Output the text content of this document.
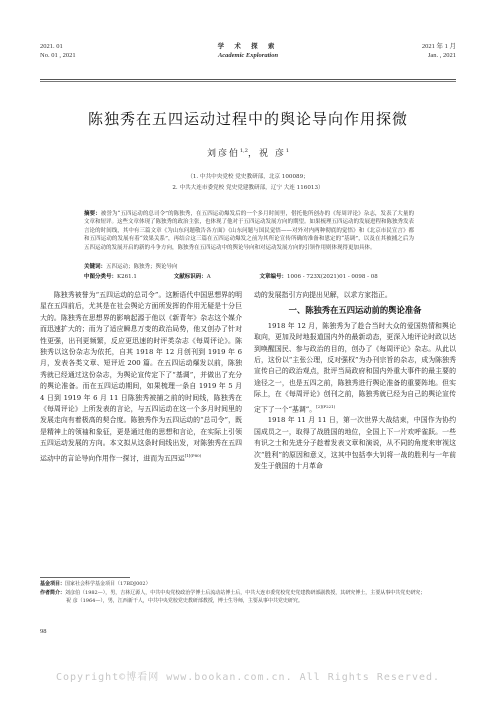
2021. 01
No. 01 , 2021
学 术 探 索
Academic Exploration
2021 年 1 月
Jan. , 2021
陈独秀在五四运动过程中的舆论导向作用探微
刘彦伯$^{1,2}$，祝 彦$^1$
（1. 中共中央党校 党史教研部，北京 100089；
2. 中共大连市委党校 党史党建教研部，辽宁 大连 116013）
摘要：被誉为“五四运动的总司令”的陈独秀，在五四运动爆发后的一个多月时间里，借托他所创办的《每周评论》杂志，发表了大量的文章和短评。这些文章体现了陈独秀的政治主张，也体现了他对于五四运动发展方向的期望。如果梳理五四运动的发展进程和陈独秀发表言论的时间线，其中有三篇文章《为山东问题敬告各方面》《山东问题与国民觉悟——对外对内两种彻底的觉悟》和《北京市民宣言》都和五四运动的发展有着“效果关系”，再结合这三篇在五四运动爆发之前为其所论宣传所确的准备和恩定的“基调”，以及在其被捕之后为五四运动的发展开启的新的斗争方向，陈独秀在五四运动中的舆论导向和对运动发展方向的引领作用则体现得更加具体。
关键词：五四运动；陈独秀；舆论导向
中图分类号：K261.1	文献标识码：A	文章编号：1006 - 723X(2021)01 - 0098 - 08

陈独秀被誉为“五四运动的总司令”。这断语代中国思想界的明星在五四前后，尤其是在社会舆论方面所发挥的作用无疑是十分巨大的。陈独秀在思想界的影响起源于他以《新青年》杂志这个媒介而迅速扩大的；而为了适应瞬息万变的政治局势，他又创办了针对性更强，出刊更频繁，反应更迅速的时评类杂志《每周评论》。陈独秀以这份杂志为依托，自其 1918 年 12 月创刊到 1919 年 6 月，发表各类文章、短评近 200 篇。在五四运动爆发以前，陈独秀就已经通过这份杂志，为舆论宣传定下了“基调”，并做出了充分的舆论准备。而在五四运动期间，如果梳理一条自 1919 年 5 月 4 日到 1919 年 6 月 11 日陈独秀被捕之前的时间线，陈独秀在《每周评论》上所发表的言论，与五四运动在这一个多月时间里的发展走向有着极高的契合度。陈独秀作为五四运动的“总司令”，既是精神上的领袖和象征，更是通过他的思想和言论，在实际上引领五四运动发展的方向。本文拟从这条时间线出发，对陈独秀在五四运动中的言论导向作用作一探讨，进而为五四运$^{[1](P80)}$

动的发展指引方向提出见解，以求方家指正。

一、陈独秀在五四运动前的舆论准备

1918 年 12 月，陈独秀为了趁合当时大众的爱国热情和舆论取向，更加及时地报道国内外的最新动态，更深入地评论时政以达到唤醒国民、参与政治的目的，创办了《每周评论》杂志。从此以后，这份以“主张公理，反对强权”为办刊宗旨的杂志，成为陈独秀宣传自己的政治观点，批评当局政府和国内外重大事件的最主要的途径之一，也是五四之前，陈独秀进行舆论准备的重要阵地。但实际上，在《每周评论》创刊之前，陈独秀就已经为自己的舆论宣传定下了一个“基调”。$^{[2](P221)}$

1918 年 11 月 11 日，第一次世界大战结束，中国作为协约国成员之一，取得了战胜国的地位，全国上下一片欢呼雀跃。一些有识之士和先进分子趁着发表文章和演说，从不同的角度来审视这次“胜利”的原因和意义，这其中包括李大钊将一战的胜利与一年前发生于俄国的十月革命

基金项目：国家社会科学基金项目（17BDJ002）
作者简介：刘彦伯（1982—），男，吉林辽源人，中共中央党校政治学博士后流动站博士后，中共大连市委党校党史党建教研部副教授，其研究博士，主要从事中共党史研究；
祝 彦（1964—），男，江西新干人，中共中央党校党史教研部教授，博士生导师，主要从事中共党史研究。
98
Copyright©博看网 www.bookan.com.cn. All Rights Reserved.
